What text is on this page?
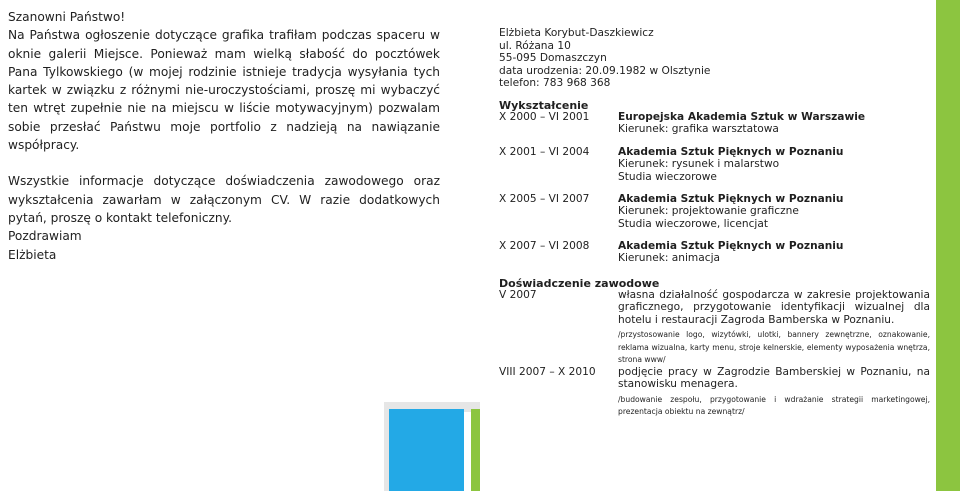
Szanowni Państwo!

Na Państwa ogłoszenie dotyczące grafika trafiłam podczas spaceru w oknie galerii Miejsce. Ponieważ mam wielką słabość do pocztówek Pana Tylkowskiego (w mojej rodzinie istnieje tradycja wysyłania tych kartek w związku z różnymi nie-uroczystościami, proszę mi wybaczyć ten wtręt zupełnie nie na miejscu w liście motywacyjnym) pozwalam sobie przesłać Państwu moje portfolio z nadzieją na nawiązanie współpracy.

Wszystkie informacje dotyczące doświadczenia zawodowego oraz wykształcenia zawarłam w załączonym CV. W razie dodatkowych pytań, proszę o kontakt telefoniczny.

Pozdrawiam

Elżbieta

Elżbieta Korybut-Daszkiewicz
ul. Różana 10
55-095 Domaszczyn
data urodzenia: 20.09.1982 w Olsztynie
telefon: 783 968 368
Wykształcenie
X 2000 – VI 2001	Europejska Akademia Sztuk w Warszawie
Kierunek: grafika warsztatowa
X 2001 – VI 2004	Akademia Sztuk Pięknych w Poznaniu
Kierunek: rysunek i malarstwo
Studia wieczorowe
X 2005 – VI 2007	Akademia Sztuk Pięknych w Poznaniu
Kierunek: projektowanie graficzne
Studia wieczorowe, licencjat
X 2007 – VI 2008	Akademia Sztuk Pięknych w Poznaniu
Kierunek: animacja
Doświadczenie zawodowe
V 2007	własna działalność gospodarcza w zakresie projektowania graficznego, przygotowanie identyfikacji wizualnej dla hotelu i restauracji Zagroda Bamberska w Poznaniu.
/przystosowanie logo, wizytówki, ulotki, bannery zewnętrzne, oznakowanie, reklama wizualna, karty menu, stroje kelnerskie, elementy wyposażenia wnętrza, strona www/
VIII 2007 – X 2010 podjęcie pracy w Zagrodzie Bamberskiej w Poznaniu, na stanowisku menagera.
/budowanie zespołu, przygotowanie i wdrażanie strategii marketingowej, prezentacja obiektu na zewnątrz/
